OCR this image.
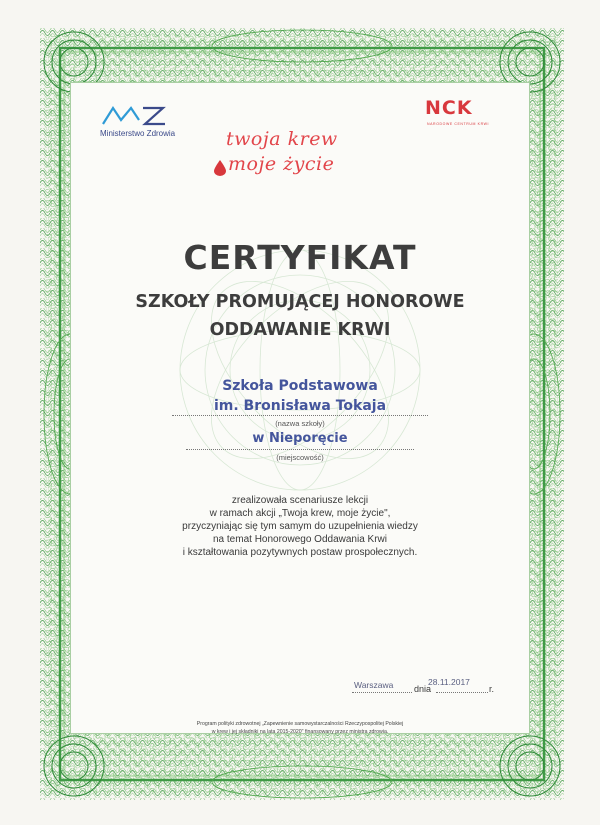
Ministerstwo Zdrowia
NCK
NARODOWE CENTRUM KRWI
twoja krew
moje życie
CERTYFIKAT
SZKOŁY PROMUJĄCEJ HONOROWE
ODDAWANIE KRWI
Szkoła Podstawowa
im. Bronisława Tokaja
(nazwa szkoły)
w Nieporęcie
(miejscowość)
zrealizowała scenariusze lekcji
w ramach akcji „Twoja krew, moje życie",
przyczyniając się tym samym do uzupełnienia wiedzy
na temat Honorowego Oddawania Krwi
i kształtowania pozytywnych postaw prospołecznych.
Warszawa dnia
28.11.2017
r.
Program polityki zdrowotnej „Zapewnienie samowystarczalności Rzeczypospolitej Polskiej
w krew i jej składniki na lata 2015-2020" finansowany przez ministra zdrowia.
